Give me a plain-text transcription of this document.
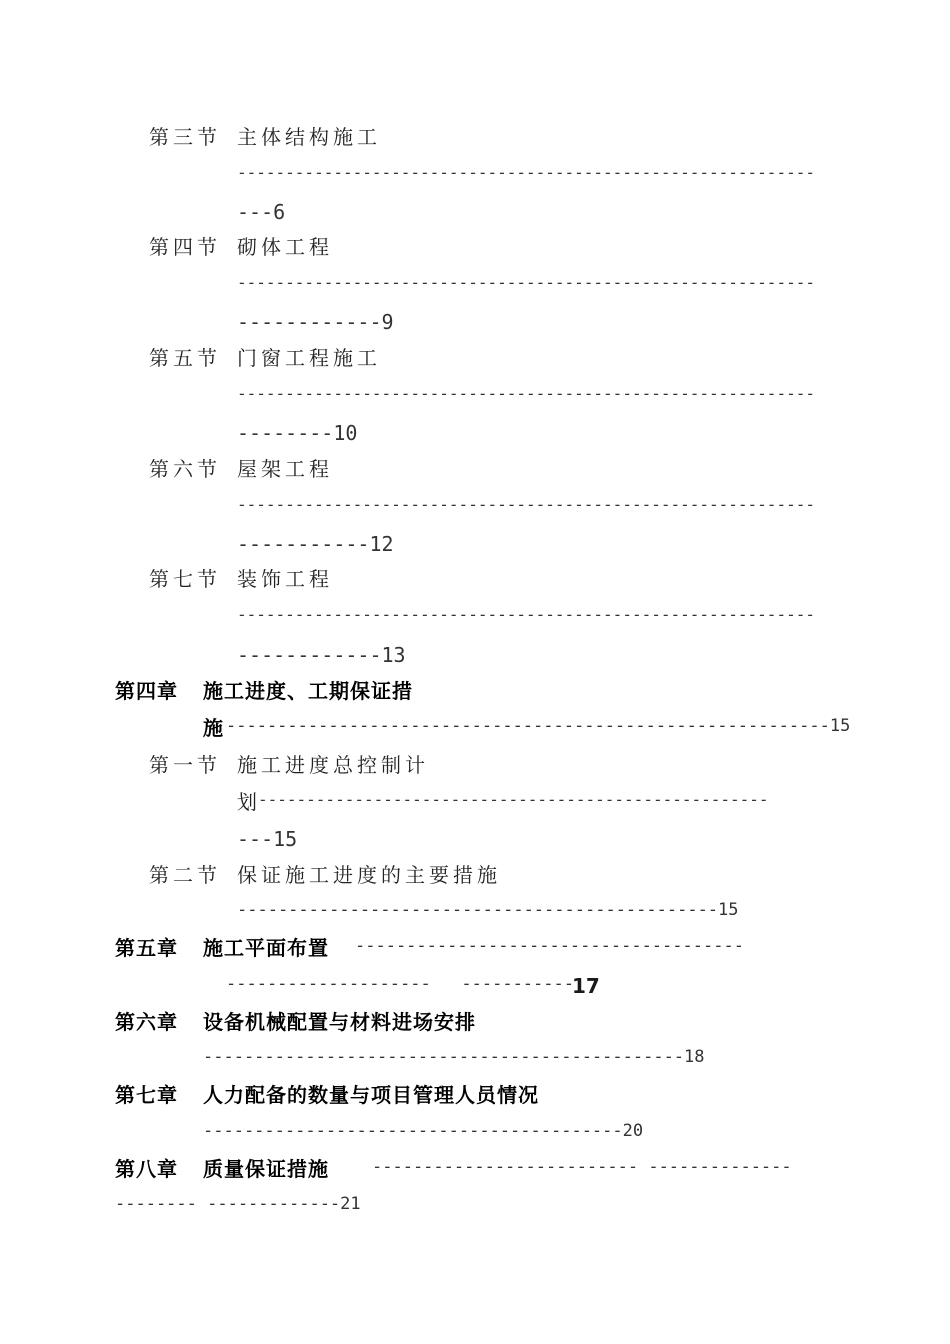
第三节 主体结构施工
------------------------------------------------------------
---6
第四节 砌体工程
------------------------------------------------------------
------------9
第五节 门窗工程施工
------------------------------------------------------------
--------10
第六节 屋架工程
------------------------------------------------------------
-----------12
第七节 装饰工程
------------------------------------------------------------
------------13
第四章 施工进度、工期保证措
施 -----------------------------------------------------------15
第一节 施工进度总控制计
划
-----------------------------------------------------
---15
第二节 保证施工进度的主要措施
-----------------------------------------------15
第五章 施工平面布置 --------------------------------------
--------------------   -----------
17
第六章 设备机械配置与材料进场安排
-----------------------------------------------18
第七章 人力配备的数量与项目管理人员情况
-----------------------------------------20
第八章 质量保证措施	-------------------------- --------------
-------- -------------21
